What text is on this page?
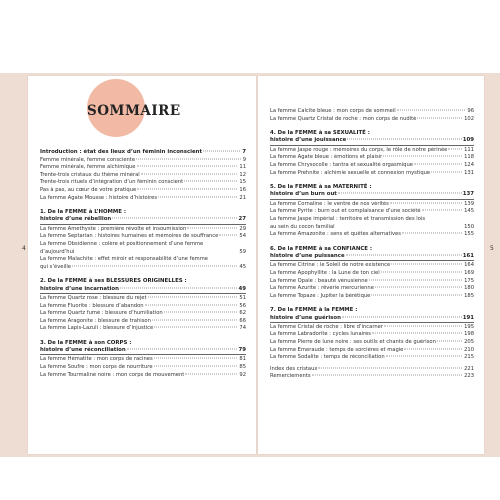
4	5
SOMMAIRE
Introduction : état des lieux d’un féminin inconscient	7
Femme minérale, femme consciente	9
Femme minérale, femme alchimique	11
Trente-trois cristaux du thème minéral	12
Trente-trois rituels d’intégration d’un féminin conscient	15
Pas à pas, au cœur de votre pratique	16
La femme Agate Mousse : histoire d’histoires	21
1. De la FEMME à L’HOMME :
histoire d’une rébellion	27
La femme Amethyste : première révolte et insoumission	29
La femme Septarian : histoires humaines et mémoires de souffrance	54
La femme Obsidienne : colère et positionnement d’une femme
d’aujourd’hui	59
La femme Malachite : effet miroir et responsabilité d’une femme
qui s’éveille	45
2. De la FEMME à ses BLESSURES ORIGINELLES :
histoire d’une incarnation	49
La femme Quartz rose : blessure du rejet	51
La femme Fluorite : blessure d’abandon	56
La femme Quartz fumé : blessure d’humiliation	62
La femme Aragonite : blessure de trahison	66
La femme Lapis-Lazuli : blessure d’injustice	74
3. De la FEMME à son CORPS :
histoire d’une réconciliation	79
La femme Hématite : mon corps de racines	81
La femme Soufre : mon corps de nourriture	85
La femme Tourmaline noire : mon corps de mouvement	92
La femme Calcite bleue : mon corps de sommeil	96
La femme Quartz Cristal de roche : mon corps de nudité	102
4. De la FEMME à sa SEXUALITÉ :
histoire d’une jouissance	109
La femme Jaspe rouge : mémoires du corps, le rôle de notre périnée	111
La femme Agate bleue : émotions et plaisir	118
La femme Chrysocolle : tantra et sexualité orgasmique	124
La femme Prehnite : alchimie sexuelle et connexion mystique	131
5. De la FEMME à sa MATERNITÉ :
histoire d’un burn out	137
La femme Cornaline : le ventre de nos vérités	139
La femme Pyrite : burn out et complaisance d’une société	145
La femme Jaspe impérial : territoire et transmission des lois
au sein du cocon familial	150
La femme Amazonite : sens et quêtes alternatives	155
6. De la FEMME à sa CONFIANCE :
histoire d’une puissance	161
La femme Citrine : le Soleil de notre existence	164
La femme Apophyllite : la Lune de ton ciel	169
La femme Opale : beauté vénusienne	175
La femme Azurite : rêverie mercurienne	180
La femme Topaze : Jupiter la bérétique	185
7. De la FEMME à la FEMME :
histoire d’une guérison	191
La femme Cristal de roche : libre d’incarner	195
La femme Labradorite : cycles lunaires	198
La femme Pierre de lune noire : ses outils et chants de guérison	205
La femme Émeraude : temps de sorcières et magie	210
La femme Sodalite : temps de réconciliation	215
Index des cristaux	221
Remerciements	223
